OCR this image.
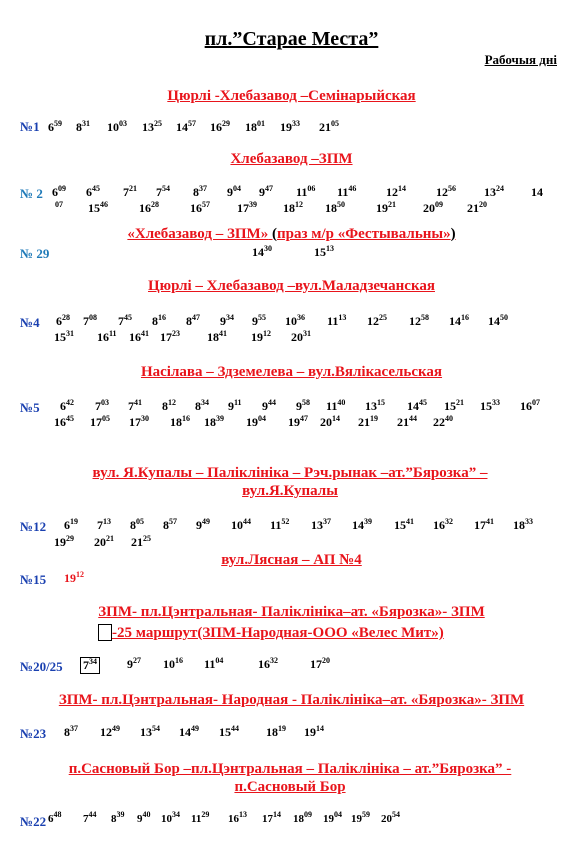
пл.”Старае Места”
Рабочыя дні
Цюрлі -Хлебазавод –Семінарыйская
№1 $6^{59}$ $8^{31}$ $10^{03}$ $13^{25}$ $14^{57}$ $16^{29}$ $18^{01}$ $19^{33}$ $21^{05}$
Хлебазавод –ЗПМ
№ 2 $6^{09}$ $6^{45}$ $7^{21}$ $7^{54}$ $8^{37}$ $9^{04}$ $9^{47}$ $11^{06}$ $11^{46}$ $12^{14}$	$12^{56}$ $13^{24}$ 14
$^{07}$ $15^{46}$	$16^{28}$	$16^{57}$ $17^{39}$ $18^{12}$ $18^{50}$	$19^{21}$ $20^{09}$ $21^{20}$
«Хлебазавод – ЗПМ» (праз м/р «Фестывальны»)
№ 29	$14^{30}$	$15^{13}$
Цюрлі – Хлебазавод –вул.Маладзечанская
№4 $6^{28}$ $7^{08}$ $7^{45}$ $8^{16}$ $8^{47}$ $9^{34}$ $9^{55}$ $10^{36}$ $11^{13}$ $12^{25}$ $12^{58}$ $14^{16}$ $14^{50}$
$15^{31}$ $16^{11}$ $16^{41}$ $17^{23}$ $18^{41}$ $19^{12}$ $20^{31}$
Насілава – Здземелева – вул.Вялікасельская
№5 $6^{42}$ $7^{03}$ $7^{41}$ $8^{12}$ $8^{34}$ $9^{11}$ $9^{44}$ $9^{58}$ $11^{40}$ $13^{15}$ $14^{45}$ $15^{21}$ $15^{33}$ $16^{07}$
$16^{45}$ $17^{05}$ $17^{30}$ $18^{16}$ $18^{39}$ $19^{04}$ $19^{47}$ $20^{14}$ $21^{19}$ $21^{44}$ $22^{40}$
вул. Я.Купалы – Паліклініка – Рэч.рынак –ат.”Бярозка” – вул.Я.Купалы
№12 $6^{19}$ $7^{13}$ $8^{05}$ $8^{57}$ $9^{49}$ $10^{44}$ $11^{52}$ $13^{37}$ $14^{39}$ $15^{41}$ $16^{32}$ $17^{41}$ $18^{33}$
$19^{29}$ $20^{21}$ $21^{25}$
вул.Лясная – АП №4
№15 $19^{12}$
ЗПМ- пл.Цэнтральная- Паліклініка–ат. «Бярозка»- ЗПМ
-25 маршрут(ЗПМ-Народная-ООО «Велес Мит»)
№20/25 $7^{34}$	$9^{27}$ $10^{16}$ $11^{04}$	$16^{32}$	$17^{20}$
ЗПМ- пл.Цэнтральная- Народная - Паліклініка–ат. «Бярозка»- ЗПМ
№23 $8^{37}$ $12^{49}$ $13^{54}$ $14^{49}$ $15^{44}$ $18^{19}$ $19^{14}$
п.Сасновый Бор –пл.Цэнтральная – Паліклініка – ат.”Бярозка” - п.Сасновый Бор
№22 $6^{48}$ $7^{44}$ $8^{39}$ $9^{40}$ $10^{34}$ $11^{29}$ $16^{13}$ $17^{14}$ $18^{09}$ $19^{04}$ $19^{59}$ $20^{54}$
